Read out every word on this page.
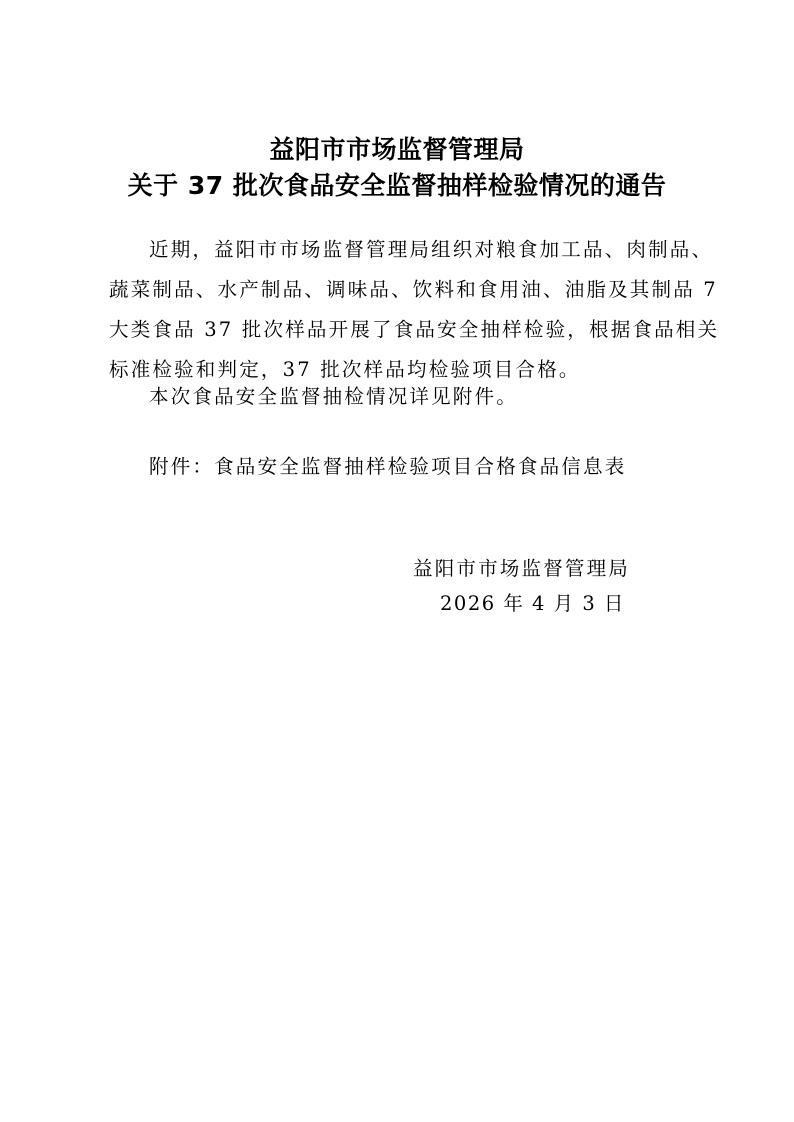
益阳市市场监督管理局
关于 37 批次食品安全监督抽样检验情况的通告
近期，益阳市市场监督管理局组织对粮食加工品、肉制品、
蔬菜制品、水产制品、调味品、饮料和食用油、油脂及其制品 7
大类食品 37 批次样品开展了食品安全抽样检验，根据食品相关
标准检验和判定，37 批次样品均检验项目合格。
本次食品安全监督抽检情况详见附件。
附件：食品安全监督抽样检验项目合格食品信息表
益阳市市场监督管理局
2026 年 4 月 3 日
